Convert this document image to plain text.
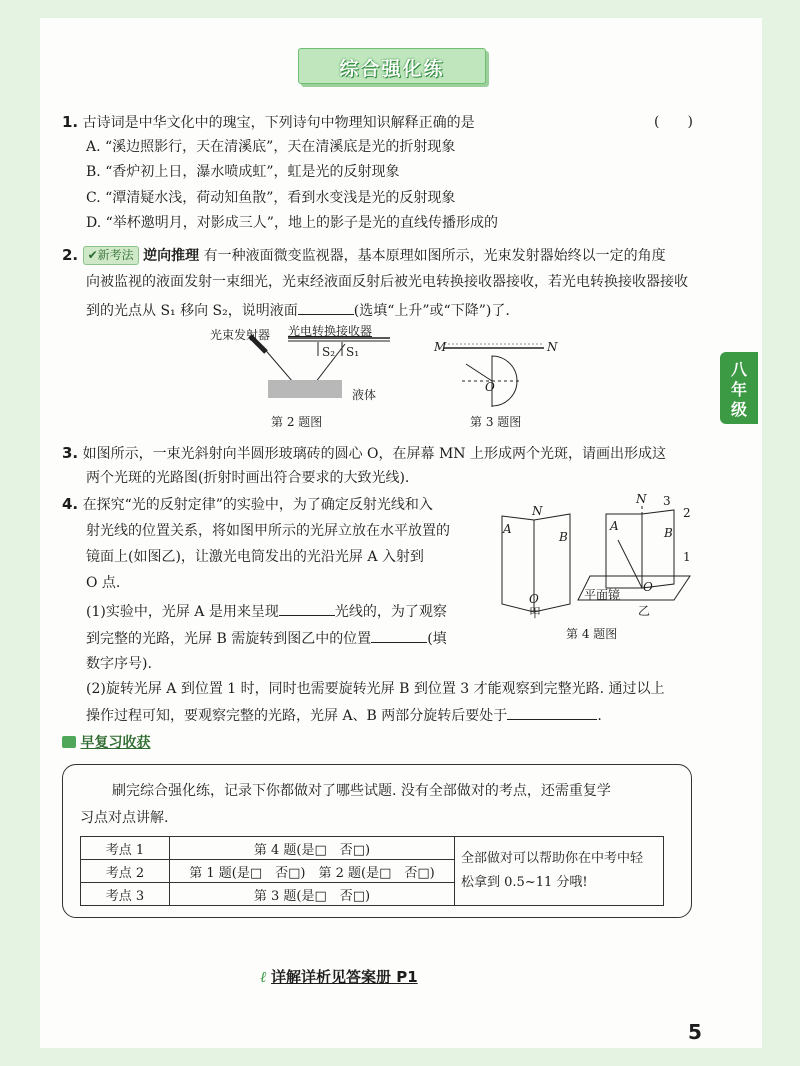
综合强化练
八年级
1. 古诗词是中华文化中的瑰宝，下列诗句中物理知识解释正确的是	(　　)
A. “溪边照影行，天在清溪底”，天在清溪底是光的折射现象
B. “香炉初上日，瀑水喷成虹”，虹是光的反射现象
C. “潭清疑水浅，荷动知鱼散”，看到水变浅是光的反射现象
D. “举杯邀明月，对影成三人”，地上的影子是光的直线传播形成的
2. ✔新考法 逆向推理 有一种液面微变监视器，基本原理如图所示，光束发射器始终以一定的角度
向被监视的液面发射一束细光，光束经液面反射后被光电转换接收器接收，若光电转换接收器接收
到的光点从 S₁ 移向 S₂，说明液面	(选填“上升”或“下降”)了.
光束发射器 光电转换接收器
S₂ S₁
液体
第 2 题图
M	N
O
第 3 题图
3. 如图所示，一束光斜射向半圆形玻璃砖的圆心 O，在屏幕 MN 上形成两个光斑，请画出形成这
两个光斑的光路图(折射时画出符合要求的大致光线).
4. 在探究“光的反射定律”的实验中，为了确定反射光线和入
射光线的位置关系，将如图甲所示的光屏立放在水平放置的
镜面上(如图乙)，让激光电筒发出的光沿光屏 A 入射到
O 点.
(1)实验中，光屏 A 是用来呈现	光线的，为了观察
到完整的光路，光屏 B 需旋转到图乙中的位置	(填
数字序号).
(2)旋转光屏 A 到位置 1 时，同时也需要旋转光屏 B 到位置 3 才能观察到完整光路. 通过以上
操作过程可知，要观察完整的光路，光屏 A、B 两部分旋转后要处于	.
A
B
N
O
甲
N 3
2
1
A	B
O
平面镜
乙
第 4 题图
早复习收获
刷完综合强化练，记录下你都做对了哪些试题. 没有全部做对的考点，还需重复学
习点对点讲解.
考点 1	第 4 题(是□　否□)	全部做对可以帮助你在中考中轻
松拿到 0.5~11 分哦!

考点 2	第 1 题(是□　否□)　第 2 题(是□　否□)	
考点 3	第 3 题(是□　否□)	
ℓ 详解详析见答案册 P1
5
